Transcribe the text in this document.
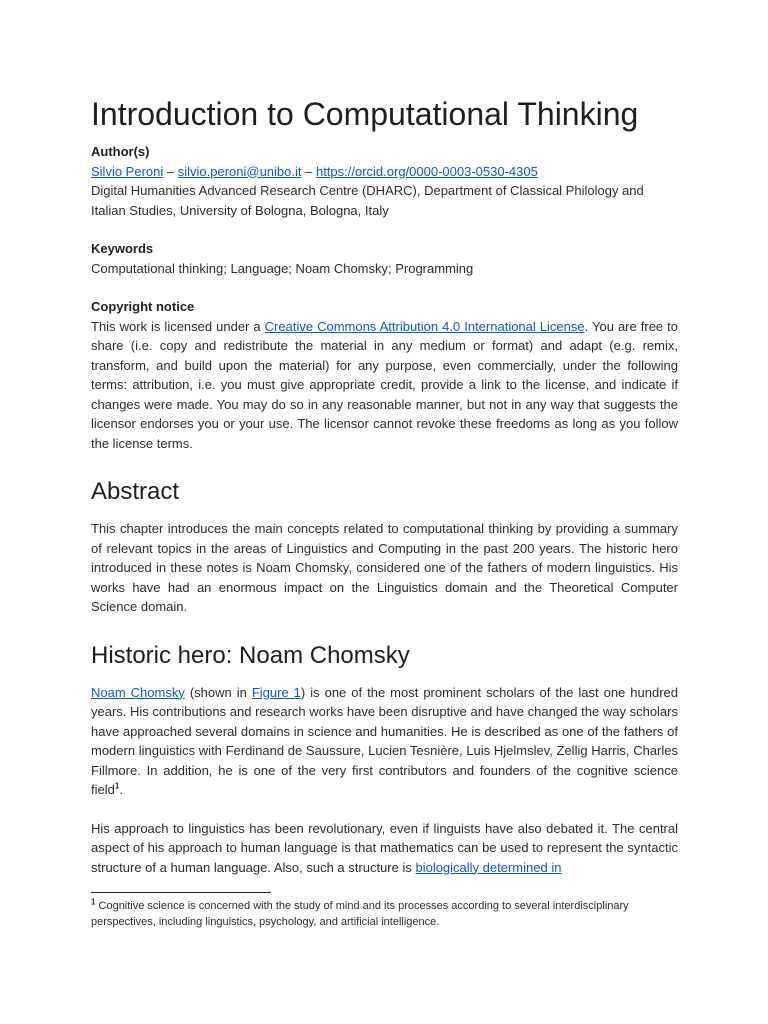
Introduction to Computational Thinking
Author(s)
Silvio Peroni – silvio.peroni@unibo.it – https://orcid.org/0000-0003-0530-4305
Digital Humanities Advanced Research Centre (DHARC), Department of Classical Philology and Italian Studies, University of Bologna, Bologna, Italy
Keywords
Computational thinking; Language; Noam Chomsky; Programming
Copyright notice
This work is licensed under a Creative Commons Attribution 4.0 International License. You are free to share (i.e. copy and redistribute the material in any medium or format) and adapt (e.g. remix, transform, and build upon the material) for any purpose, even commercially, under the following terms: attribution, i.e. you must give appropriate credit, provide a link to the license, and indicate if changes were made. You may do so in any reasonable manner, but not in any way that suggests the licensor endorses you or your use. The licensor cannot revoke these freedoms as long as you follow the license terms.
Abstract
This chapter introduces the main concepts related to computational thinking by providing a summary of relevant topics in the areas of Linguistics and Computing in the past 200 years. The historic hero introduced in these notes is Noam Chomsky, considered one of the fathers of modern linguistics. His works have had an enormous impact on the Linguistics domain and the Theoretical Computer Science domain.
Historic hero: Noam Chomsky
Noam Chomsky (shown in Figure 1) is one of the most prominent scholars of the last one hundred years. His contributions and research works have been disruptive and have changed the way scholars have approached several domains in science and humanities. He is described as one of the fathers of modern linguistics with Ferdinand de Saussure, Lucien Tesnière, Luis Hjelmslev, Zellig Harris, Charles Fillmore. In addition, he is one of the very first contributors and founders of the cognitive science field$^1$.
His approach to linguistics has been revolutionary, even if linguists have also debated it. The central aspect of his approach to human language is that mathematics can be used to represent the syntactic structure of a human language. Also, such a structure is biologically determined in
$^1$ Cognitive science is concerned with the study of mind and its processes according to several interdisciplinary perspectives, including linguistics, psychology, and artificial intelligence.
